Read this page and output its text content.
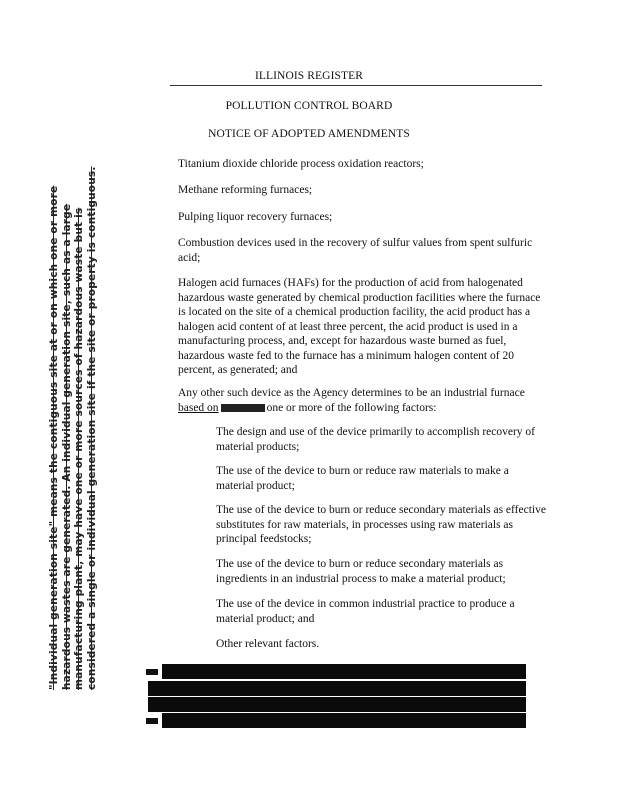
ILLINOIS REGISTER
POLLUTION CONTROL BOARD
NOTICE OF ADOPTED AMENDMENTS

Titanium dioxide chloride process oxidation reactors;

Methane reforming furnaces;

Pulping liquor recovery furnaces;

Combustion devices used in the recovery of sulfur values from spent sulfuric acid;

Halogen acid furnaces (HAFs) for the production of acid from halogenated hazardous waste generated by chemical production facilities where the furnace is located on the site of a chemical production facility, the acid product has a halogen acid content of at least three percent, the acid product is used in a manufacturing process, and, except for hazardous waste burned as fuel, hazardous waste fed to the furnace has a minimum halogen content of 20 percent, as generated; and

Any other such device as the Agency determines to be an industrial furnace based on	one or more of the following factors:

The design and use of the device primarily to accomplish recovery of material products;

The use of the device to burn or reduce raw materials to make a material product;

The use of the device to burn or reduce secondary materials as effective substitutes for raw materials, in processes using raw materials as principal feedstocks;

The use of the device to burn or reduce secondary materials as ingredients in an industrial process to make a material product;

The use of the device in common industrial practice to produce a material product; and

Other relevant factors.

"Individual generation site" means the contiguous site at or on which one or more hazardous wastes are generated. An individual generation site, such as a large manufacturing plant, may have one or more sources of hazardous waste but is considered a single or individual generation site if the site or property is contiguous.
